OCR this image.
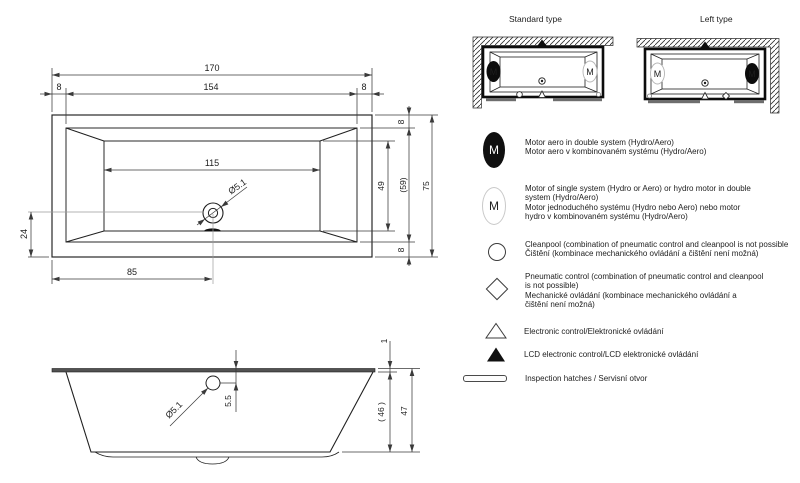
170
154
8	8
115
85
24
Ø5.1
8
49 (59) 75
8
1
5.5
( 46 ) 47
Ø5.1
M	M	M	M
Standard type	Left type
M
Motor aero in double system (Hydro/Aero)
Motor aero v kombinovaném systému (Hydro/Aero)
M
Motor of single system (Hydro or Aero) or hydro motor in double
system (Hydro/Aero)
Motor jednoduchého systému (Hydro nebo Aero) nebo motor
hydro v kombinovaném systému (Hydro/Aero)
Cleanpool (combination of pneumatic control and cleanpool is not possible
Čištění (kombinace mechanického ovládání a čištění není možná)
Pneumatic control (combination of pneumatic control and cleanpool
is not possible)
Mechanické ovládání (kombinace mechanického ovládání a
čištění není možná)
Electronic control/Elektronické ovládání
LCD electronic control/LCD elektronické ovládání
Inspection hatches / Servisní otvor
